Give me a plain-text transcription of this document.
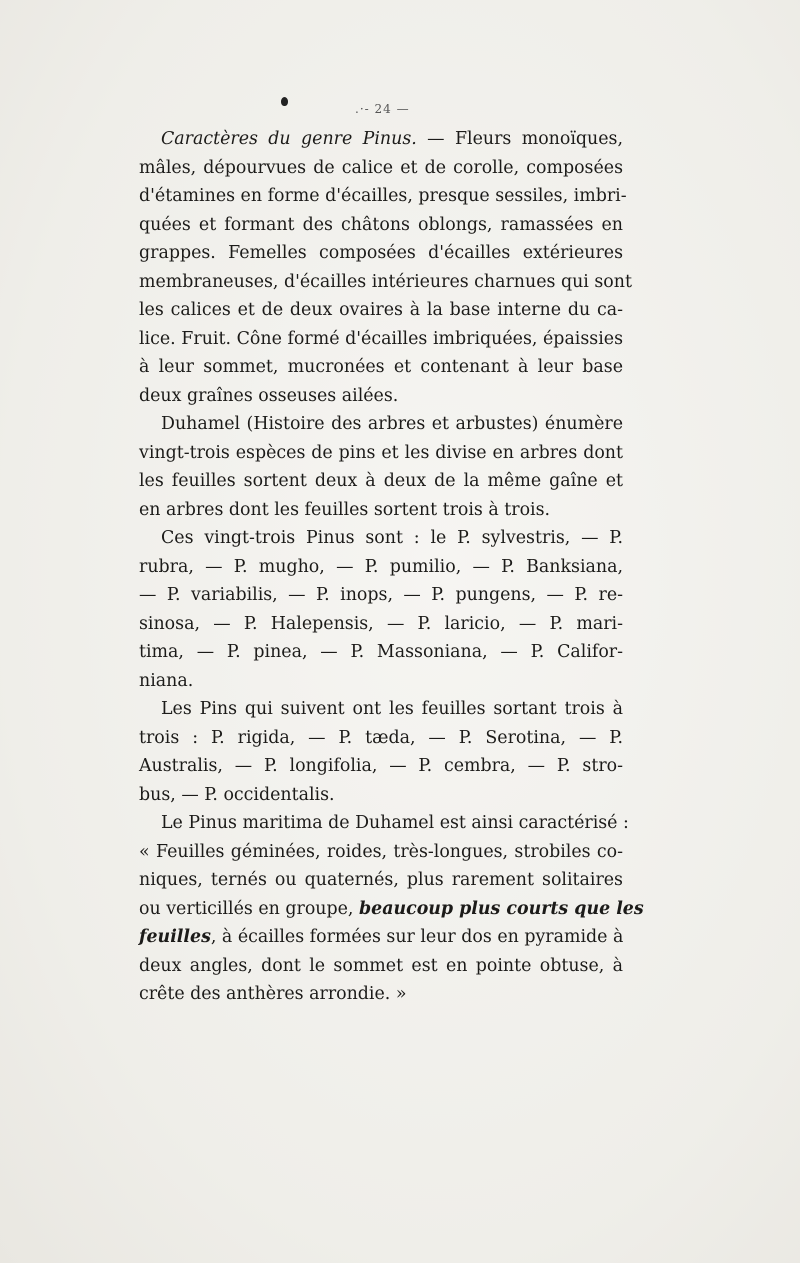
.·- 24 —
Caractères du genre Pinus. — Fleurs monoïques,
mâles, dépourvues de calice et de corolle, composées
d'étamines en forme d'écailles, presque sessiles, imbri-
quées et formant des châtons oblongs, ramassées en
grappes. Femelles composées d'écailles extérieures
membraneuses, d'écailles intérieures charnues qui sont
les calices et de deux ovaires à la base interne du ca-
lice. Fruit. Cône formé d'écailles imbriquées, épaissies
à leur sommet, mucronées et contenant à leur base
deux graînes osseuses ailées.
Duhamel (Histoire des arbres et arbustes) énumère
vingt-trois espèces de pins et les divise en arbres dont
les feuilles sortent deux à deux de la même gaîne et
en arbres dont les feuilles sortent trois à trois.
Ces vingt-trois Pinus sont : le P. sylvestris, — P.
rubra, — P. mugho, — P. pumilio, — P. Banksiana,
— P. variabilis, — P. inops, — P. pungens, — P. re-
sinosa, — P. Halepensis, — P. laricio, — P. mari-
tima, — P. pinea, — P. Massoniana, — P. Califor-
niana.
Les Pins qui suivent ont les feuilles sortant trois à
trois : P. rigida, — P. tæda, — P. Serotina, — P.
Australis, — P. longifolia, — P. cembra, — P. stro-
bus, — P. occidentalis.
Le Pinus maritima de Duhamel est ainsi caractérisé :
« Feuilles géminées, roides, très-longues, strobiles co-
niques, ternés ou quaternés, plus rarement solitaires
ou verticillés en groupe, beaucoup plus courts que les
feuilles, à écailles formées sur leur dos en pyramide à
deux angles, dont le sommet est en pointe obtuse, à
crête des anthères arrondie. »
